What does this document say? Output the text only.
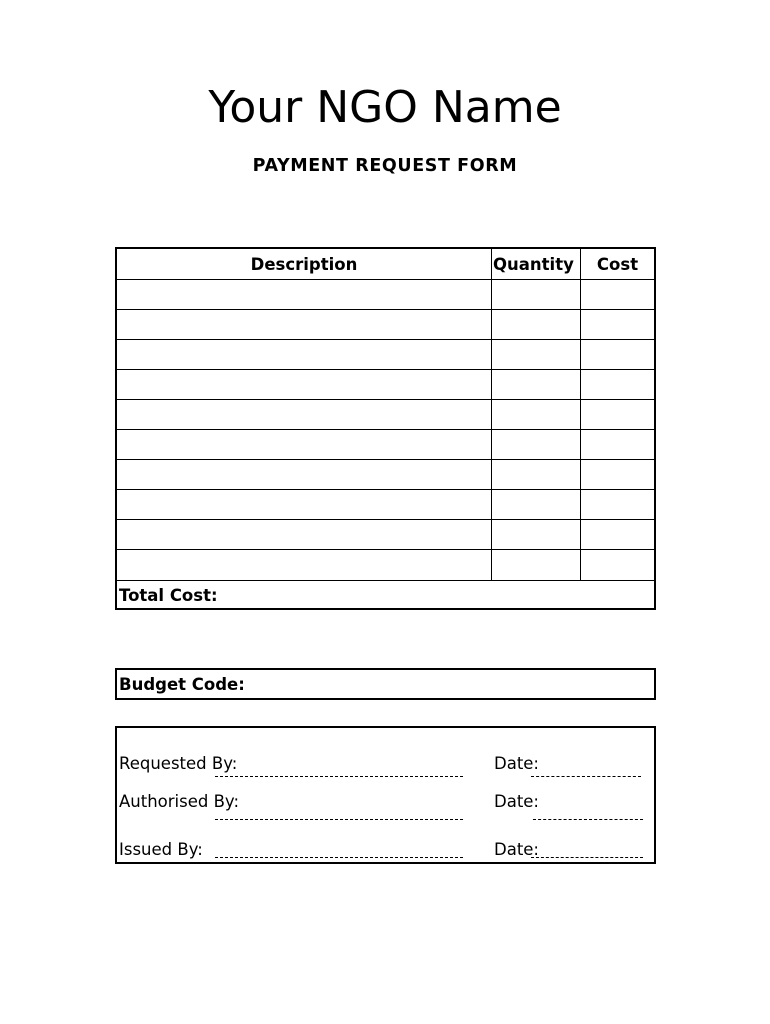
Your NGO Name
PAYMENT REQUEST FORM
Description	Quantity	Cost
Total Cost:
Budget Code:
Requested By:	Date:
Authorised By:	Date:
Issued By:	Date:
